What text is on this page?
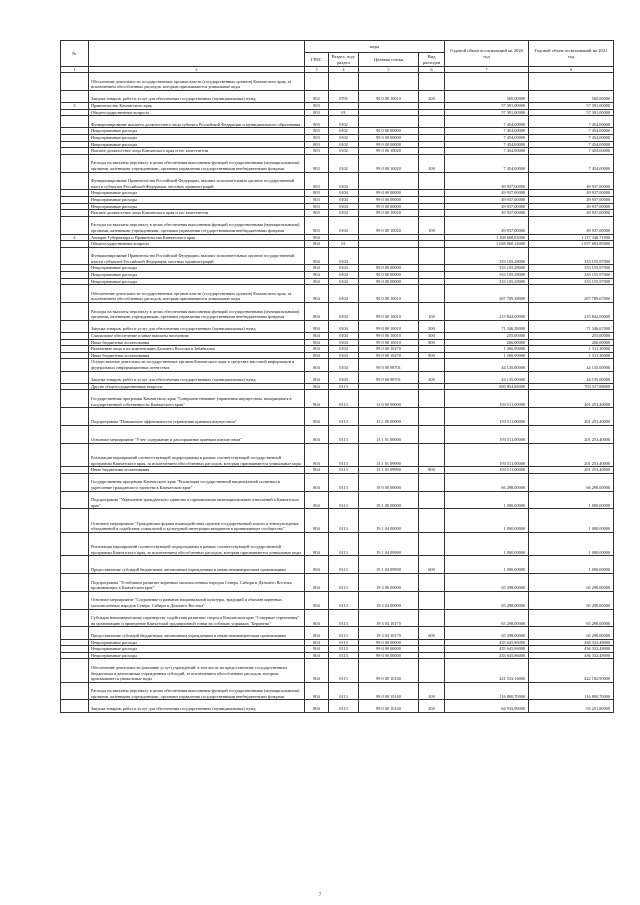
№		коды				Годовой объем ассигнований на 2020 год	Годовой объем ассигнований на 2021 год
		ГРБС	Раздел, под-раздел	Целевая статья	Вид расходов		
1	2	3	4	5	6	7	8
	Обеспечение деятельности государственных органов власти (государственных органов) Камчатского края, за исключением обособленных расходов, которым присваиваются уникальные коды						
	Закупка товаров, работ и услуг для обеспечения государственных (муниципальных) нужд	802	0705	99 0 00 10010	200	500,00000	500,00000
3	Правительство Камчатского края	803				57 391,00000	57 391,00000
	Общегосударственные вопросы	803	01			57 391,00000	57 391,00000
	Функционирование высшего должностного лица субъекта Российской Федерации и муниципального образования	803	0102			7 454,00000	7 454,00000
	Непрограммные расходы	803	0102	99 0 00 00000		7 454,00000	7 454,00000
	Непрограммные расходы	803	0102	99 0 00 00000		7 454,00000	7 454,00000
	Непрограммные расходы	803	0102	99 0 00 00000		7 454,00000	7 454,00000
	Высшее должностное лицо Камчатского края и его заместители	803	0102	99 0 00 10020		7 454,00000	7 454,00000
	Расходы на выплаты персоналу в целях обеспечения выполнения функций государственными (муниципальными) органами, казенными учреждениями, органами управления государственными внебюджетными фондами	803	0102	99 0 00 10020	100	7 454,00000	7 454,00000
	Функционирование Правительства Российской Федерации, высших исполнительных органов государственной власти субъектов Российской Федерации, местных администраций	803	0104			49 937,00000	49 937,00000
	Непрограммные расходы	803	0104	99 0 00 00000		49 937,00000	49 937,00000
	Непрограммные расходы	803	0104	99 0 00 00000		49 937,00000	49 937,00000
	Непрограммные расходы	803	0104	99 0 00 00000		49 937,00000	49 937,00000
	Высшее должностное лицо Камчатского края и его заместители	803	0104	99 0 00 10020		49 937,00000	49 937,00000
	Расходы на выплаты персоналу в целях обеспечения выполнения функций государственными (муниципальными) органами, казенными учреждениями, органами управления государственными внебюджетными фондами	803	0104	99 0 00 10020	100	49 937,00000	49 937,00000
4	Аппарат Губернатора и Правительства Камчатского края	804				1 108 608,83000	1 117 346,71000
	Общегосударственные вопросы	804	01			1 028 960,14000	1 037 693,85000
	Функционирование Правительства Российской Федерации, высших исполнительных органов государственной власти субъектов Российской Федерации, местных администраций	804	0104			333 105,28000	333 155,97000
	Непрограммные расходы	804	0104	99 0 00 00000		333 105,28000	333 155,97000
	Непрограммные расходы	804	0104	99 0 00 00000		333 105,28000	333 155,97000
	Непрограммные расходы	804	0104	99 0 00 00000		333 105,28000	333 155,97000
	Обеспечение деятельности государственных органов власти (государственных органов) Камчатского края, за исключением обособленных расходов, которым присваиваются уникальные коды	804	0104	99 0 00 10010		287 709,38000	287 709,67000
	Расходы на выплаты персоналу в целях обеспечения выполнения функций государственными (муниципальными) органами, казенными учреждениями, органами управления государственными внебюджетными фондами	804	0104	99 0 00 10010	100	215 842,00000	215 842,00000
	Закупка товаров, работ и услуг для обеспечения государственных (муниципальных) нужд	804	0104	99 0 00 10010	200	71 346,38000	71 346,67000
	Социальное обеспечение и иные выплаты населению	804	0104	99 0 00 10010	300	255,00000	255,00000
	Иные бюджетные ассигнования	804	0104	99 0 00 10010	800	266,00000	266,00000
	Выплатные лица и их компенсации Дальнего Востока и Забайкалья	804	0104	99 0 00 10270		1 260,90000	1 311,30000
	Иные бюджетные ассигнования	804	0104	99 0 00 10270	800	1 260,90000	1 311,30000
	Осуществление деятельности государственных органов Камчатского края в средствах массовой информации и федеральных информационных агентствах	804	0104	99 0 00 98701		44 135,00000	44 135,00000
	Закупка товаров, работ и услуг для обеспечения государственных (муниципальных) нужд	804	0104	99 0 00 98701	200	44 135,00000	44 135,00000
	Другие общегосударственные вопросы	804	0113			695 854,86000	703 537,88000
	Государственная программа Камчатского края "Совершенствование управления имуществом, находящимся в государственной собственности Камчатского края"	804	0113	13 0 00 00000		193 511,00000	201 253,40000
	Подпрограмма "Повышение эффективности управления краевым имуществом"	804	0113	13 1 00 00000		193 511,00000	201 253,40000
	Основное мероприятие "Учет, содержание и распоряжение краевым имуществом"	804	0113	13 1 01 00000		193 511,00000	201 253,40000
	Реализация мероприятий соответствующей подпрограммы в рамках соответствующей государственной программы Камчатского края, за исключением обособленных расходов, которым присваиваются уникальные коды	804	0113	13 1 01 09990		193 511,00000	201 253,40000
	Иные бюджетные ассигнования	804	0113	13 1 01 09990	800	193 511,00000	201 253,40000
	Государственная программа Камчатского края "Реализация государственной национальной политики и укрепление гражданского единства в Камчатском крае"	804	0113	19 0 00 00000		66 298,00000	66 298,00000
	Подпрограмма "Укрепление гражданского единства и гармонизация межнациональных отношений в Камчатском крае"	804	0113	19 1 00 00000		1 000,00000	1 000,00000
	Основное мероприятие "Гражданские формы взаимодействия органов государственной власти и этнокультурных объединений и содействие социальной и культурной интеграции мигрантов в принимающее сообщество"	804	0113	19 1 04 00000		1 000,00000	1 000,00000
	Реализация мероприятий соответствующей подпрограммы в рамках соответствующей государственной программы Камчатского края, за исключением обособленных расходов, которым присваиваются уникальные коды	804	0113	19 1 04 09990		1 000,00000	1 000,00000
	Предоставление субсидий бюджетным, автономным учреждениям и иным некоммерческим организациям	804	0113	19 1 04 09990	600	1 000,00000	1 000,00000
	Подпрограмма "Устойчивое развитие коренных малочисленных народов Севера, Сибири и Дальнего Востока, проживающих в Камчатском крае"	804	0113	19 3 00 00000		65 298,00000	65 298,00000
	Основное мероприятие "Сохранение и развитие национальной культуры, традиций и обычаев коренных малочисленных народов Севера, Сибири и Дальнего Востока"	804	0113	19 3 04 00000		65 298,00000	65 298,00000
	Субсидия некоммерческому партнерству содействия развитию спорта в Камчатском крае "Северные стремления" на организацию и проведение Камчатской традиционной гонки на собачьих упряжках "Берингия"	804	0113	19 3 04 10170		65 298,00000	65 298,00000
	Предоставление субсидий бюджетным, автономным учреждениям и иным некоммерческим организациям	804	0113	19 3 04 10170	600	65 298,00000	65 298,00000
	Непрограммные расходы	804	0113	99 0 00 00000		435 645,86000	436 332,48000
	Непрограммные расходы	804	0113	99 0 00 00000		435 645,86000	436 332,48000
	Непрограммные расходы	804	0113	99 0 00 00000		435 645,86000	436 332,48000
	Обеспечение деятельности (оказание услуг) учреждений, в том числе на предоставление государственным бюджетным и автономным учреждениям субсидий, за исключением обособленных расходов, которым присваиваются уникальные коды	804	0113	99 0 00 10140		421 533,16000	422 182,90000
	Расходы на выплаты персоналу в целях обеспечения выполнения функций государственными (муниципальными) органами, казенными учреждениями, органами управления государственными внебюджетными фондами	804	0113	99 0 00 10140	100	116 800,70000	116 800,70000
	Закупка товаров, работ и услуг для обеспечения государственных (муниципальных) нужд	804	0113	99 0 00 10140	200	64 933,99000	65 251,80000
7
